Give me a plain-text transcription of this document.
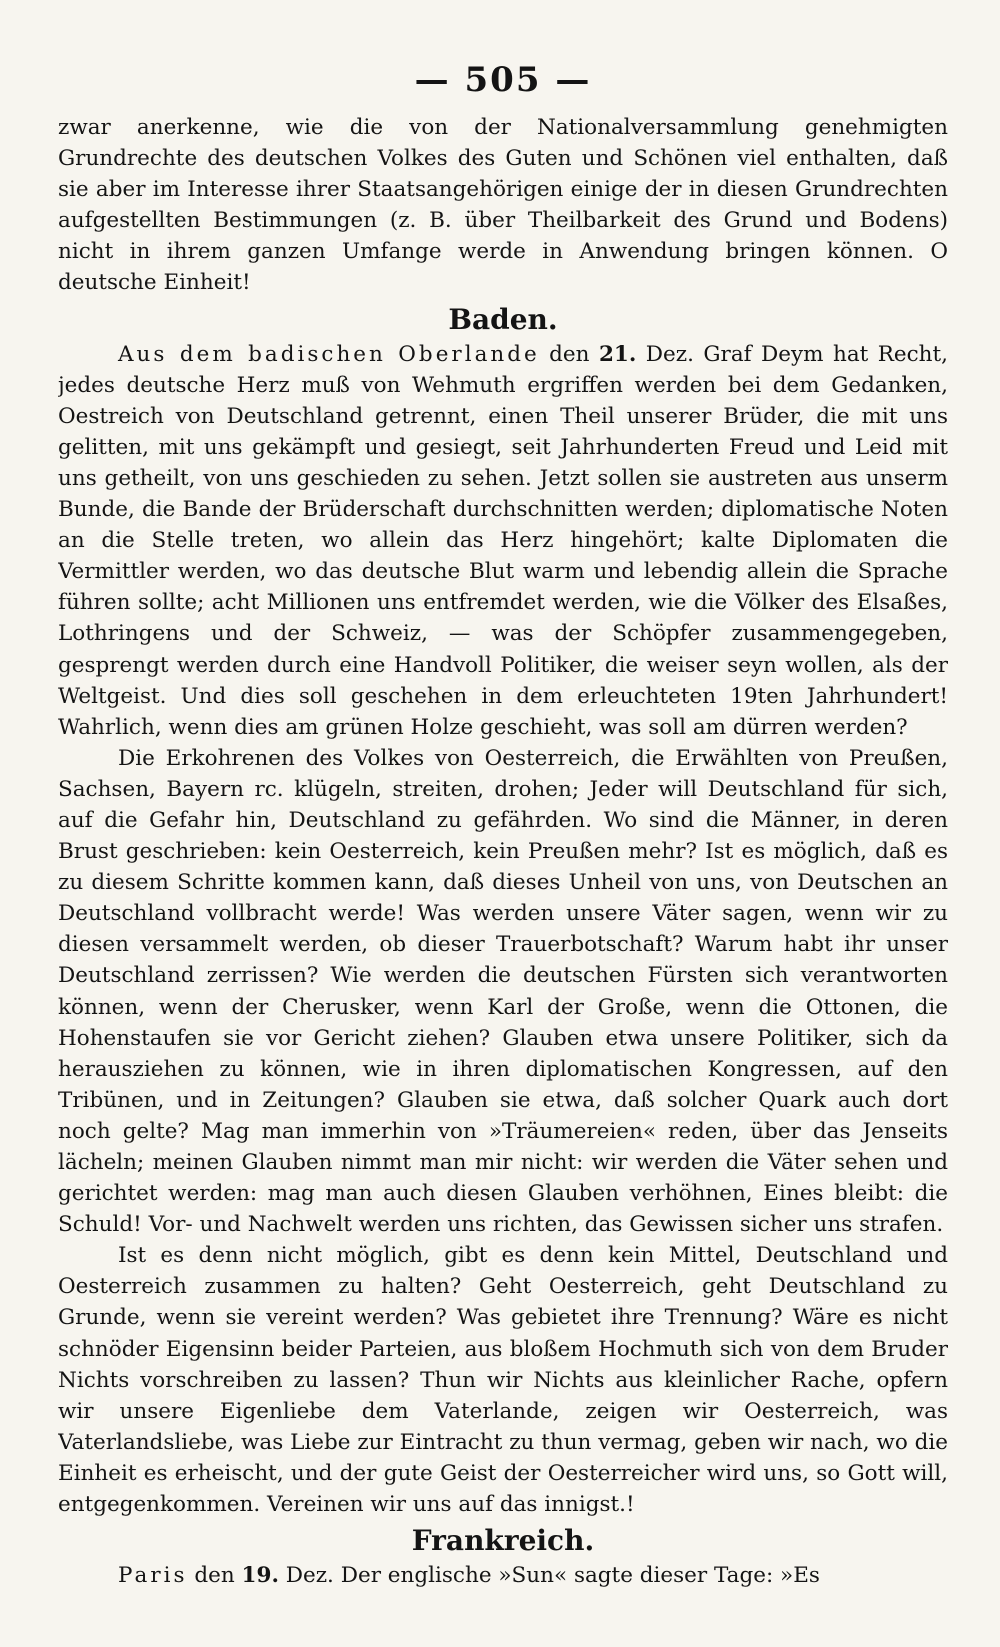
— 505 —

zwar anerkenne, wie die von der Nationalversammlung genehmigten Grundrechte des deutschen Volkes des Guten und Schönen viel enthalten, daß sie aber im Interesse ihrer Staatsangehörigen einige der in diesen Grundrechten aufgestellten Bestimmungen (z. B. über Theilbarkeit des Grund und Bodens) nicht in ihrem ganzen Umfange werde in Anwendung bringen können. O deutsche Einheit!

Baden.

Aus dem badischen Oberlande den 21. Dez. Graf Deym hat Recht, jedes deutsche Herz muß von Wehmuth ergriffen werden bei dem Gedanken, Oestreich von Deutschland getrennt, einen Theil unserer Brüder, die mit uns gelitten, mit uns gekämpft und gesiegt, seit Jahrhunderten Freud und Leid mit uns getheilt, von uns geschieden zu sehen. Jetzt sollen sie austreten aus unserm Bunde, die Bande der Brüderschaft durchschnitten werden; diplomatische Noten an die Stelle treten, wo allein das Herz hingehört; kalte Diplomaten die Vermittler werden, wo das deutsche Blut warm und lebendig allein die Sprache führen sollte; acht Millionen uns entfremdet werden, wie die Völker des Elsaßes, Lothringens und der Schweiz, — was der Schöpfer zusammengegeben, gesprengt werden durch eine Handvoll Politiker, die weiser seyn wollen, als der Weltgeist. Und dies soll geschehen in dem erleuchteten 19ten Jahrhundert! Wahrlich, wenn dies am grünen Holze geschieht, was soll am dürren werden?

Die Erkohrenen des Volkes von Oesterreich, die Erwählten von Preußen, Sachsen, Bayern rc. klügeln, streiten, drohen; Jeder will Deutschland für sich, auf die Gefahr hin, Deutschland zu gefährden. Wo sind die Männer, in deren Brust geschrieben: kein Oesterreich, kein Preußen mehr? Ist es möglich, daß es zu diesem Schritte kommen kann, daß dieses Unheil von uns, von Deutschen an Deutschland vollbracht werde! Was werden unsere Väter sagen, wenn wir zu diesen versammelt werden, ob dieser Trauerbotschaft? Warum habt ihr unser Deutschland zerrissen? Wie werden die deutschen Fürsten sich verantworten können, wenn der Cherusker, wenn Karl der Große, wenn die Ottonen, die Hohenstaufen sie vor Gericht ziehen? Glauben etwa unsere Politiker, sich da herausziehen zu können, wie in ihren diplomatischen Kongressen, auf den Tribünen, und in Zeitungen? Glauben sie etwa, daß solcher Quark auch dort noch gelte? Mag man immerhin von »Träumereien« reden, über das Jenseits lächeln; meinen Glauben nimmt man mir nicht: wir werden die Väter sehen und gerichtet werden: mag man auch diesen Glauben verhöhnen, Eines bleibt: die Schuld! Vor- und Nachwelt werden uns richten, das Gewissen sicher uns strafen.

Ist es denn nicht möglich, gibt es denn kein Mittel, Deutschland und Oesterreich zusammen zu halten? Geht Oesterreich, geht Deutschland zu Grunde, wenn sie vereint werden? Was gebietet ihre Trennung? Wäre es nicht schnöder Eigensinn beider Parteien, aus bloßem Hochmuth sich von dem Bruder Nichts vorschreiben zu lassen? Thun wir Nichts aus kleinlicher Rache, opfern wir unsere Eigenliebe dem Vaterlande, zeigen wir Oesterreich, was Vaterlandsliebe, was Liebe zur Eintracht zu thun vermag, geben wir nach, wo die Einheit es erheischt, und der gute Geist der Oesterreicher wird uns, so Gott will, entgegenkommen. Vereinen wir uns auf das innigst.!

Frankreich.

Paris den 19. Dez. Der englische »Sun« sagte dieser Tage: »Es
